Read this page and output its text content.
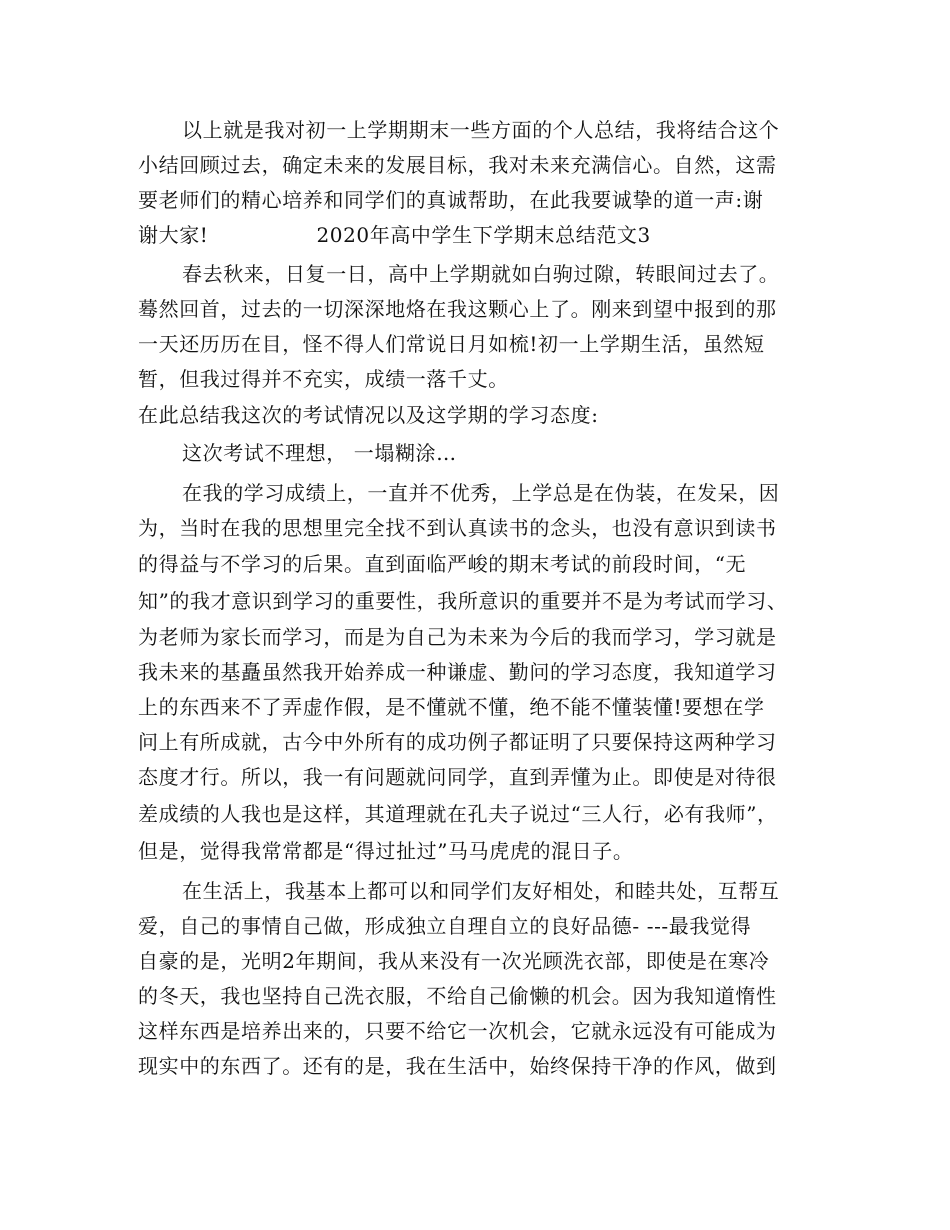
以上就是我对初一上学期期末一些方面的个人总结，我将结合这个
小结回顾过去，确定未来的发展目标，我对未来充满信心。自然，这需
要老师们的精心培养和同学们的真诚帮助，在此我要诚挚的道一声:谢
谢大家!	2020年高中学生下学期末总结范文3
春去秋来，日复一日，高中上学期就如白驹过隙，转眼间过去了。
蓦然回首，过去的一切深深地烙在我这颗心上了。刚来到望中报到的那
一天还历历在目，怪不得人们常说日月如梳!初一上学期生活，虽然短
暂，但我过得并不充实，成绩一落千丈。
在此总结我这次的考试情况以及这学期的学习态度:
这次考试不理想， 一塌糊涂…
在我的学习成绩上，一直并不优秀，上学总是在伪装，在发呆，因
为，当时在我的思想里完全找不到认真读书的念头，也没有意识到读书
的得益与不学习的后果。直到面临严峻的期末考试的前段时间，“无
知”的我才意识到学习的重要性，我所意识的重要并不是为考试而学习、
为老师为家长而学习，而是为自己为未来为今后的我而学习，学习就是
我未来的基矗虽然我开始养成一种谦虚、勤问的学习态度，我知道学习
上的东西来不了弄虚作假，是不懂就不懂，绝不能不懂装懂!要想在学
问上有所成就，古今中外所有的成功例子都证明了只要保持这两种学习
态度才行。所以，我一有问题就问同学，直到弄懂为止。即使是对待很
差成绩的人我也是这样，其道理就在孔夫子说过“三人行，必有我师”，
但是，觉得我常常都是“得过扯过”马马虎虎的混日子。
在生活上，我基本上都可以和同学们友好相处，和睦共处，互帮互
爱，自己的事情自己做，形成独立自理自立的良好品德- ---最我觉得
自豪的是，光明2年期间，我从来没有一次光顾洗衣部，即使是在寒冷
的冬天，我也坚持自己洗衣服，不给自己偷懒的机会。因为我知道惰性
这样东西是培养出来的，只要不给它一次机会，它就永远没有可能成为
现实中的东西了。还有的是，我在生活中，始终保持干净的作风，做到
